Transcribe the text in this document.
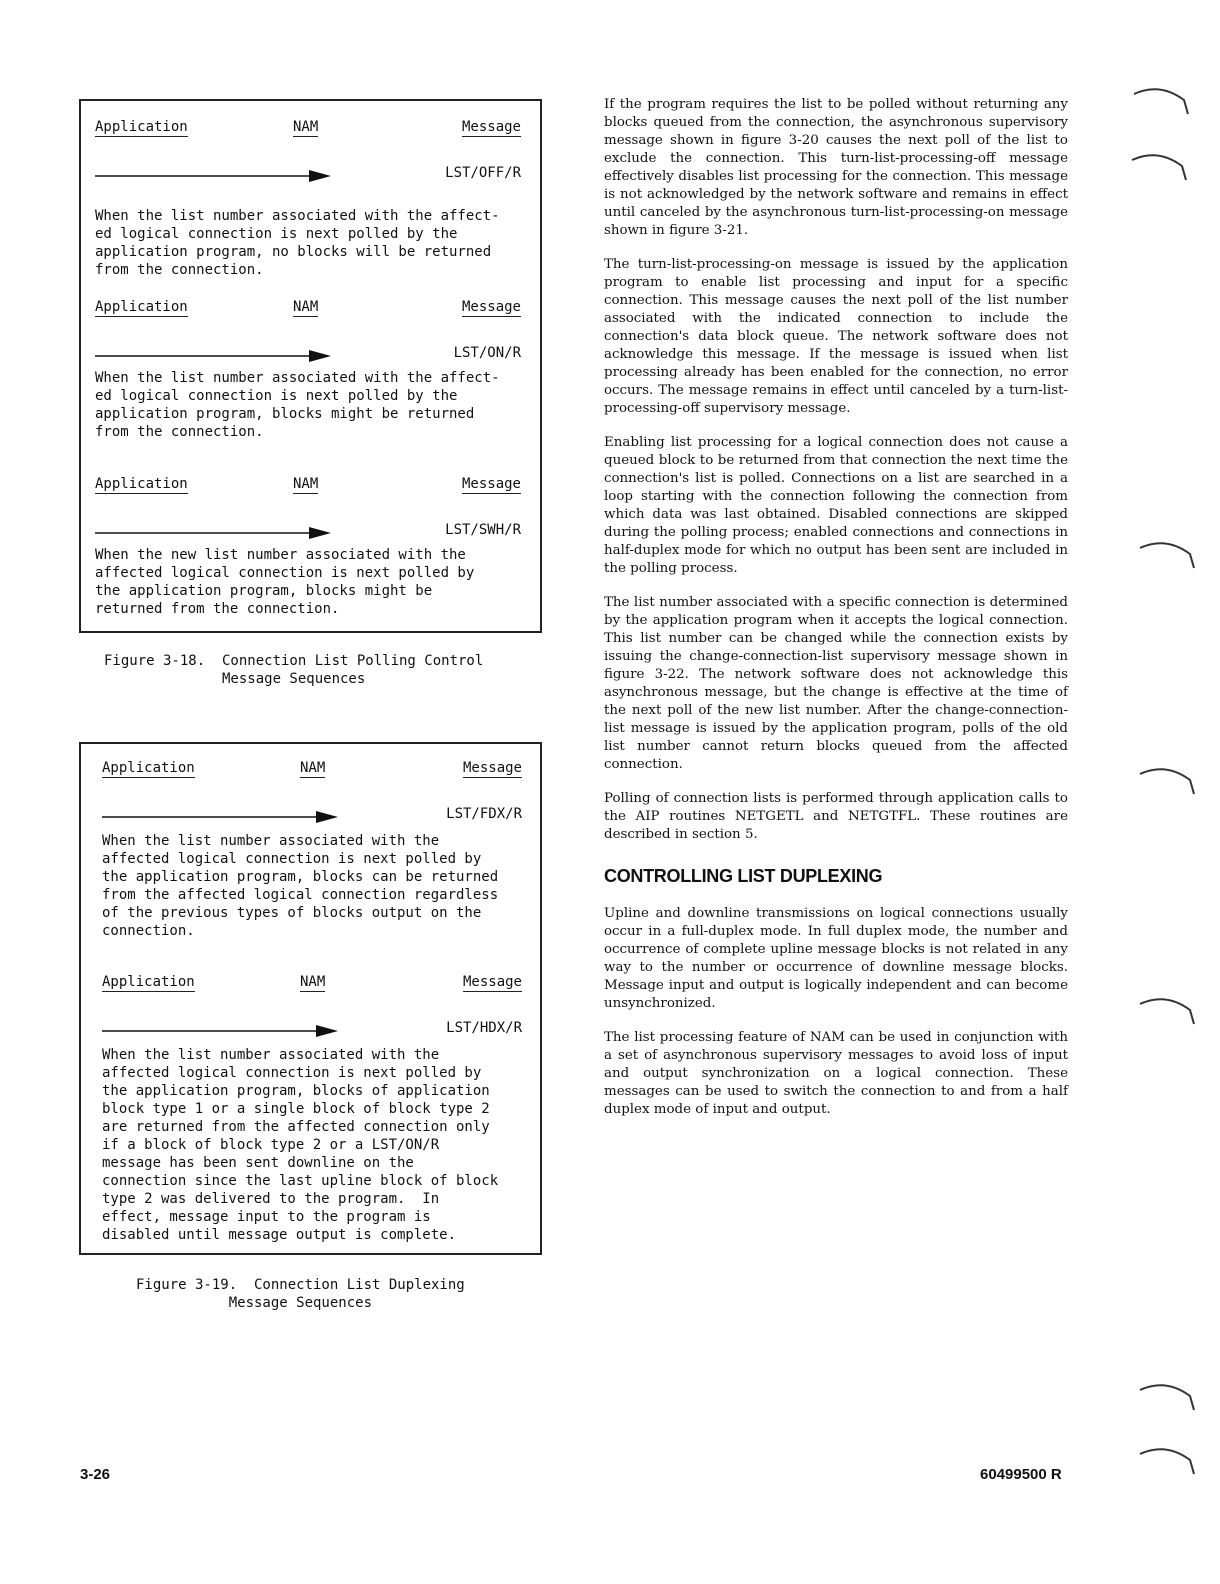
Application	NAM	Message
LST/OFF/R
When the list number associated with the affect-
ed logical connection is next polled by the
application program, no blocks will be returned
from the connection.
Application	NAM	Message
LST/ON/R
When the list number associated with the affect-
ed logical connection is next polled by the
application program, blocks might be returned
from the connection.
Application	NAM	Message
LST/SWH/R
When the new list number associated with the
affected logical connection is next polled by
the application program, blocks might be
returned from the connection.
Figure 3-18.  Connection List Polling Control
Message Sequences
Application	NAM	Message
LST/FDX/R
When the list number associated with the
affected logical connection is next polled by
the application program, blocks can be returned
from the affected logical connection regardless
of the previous types of blocks output on the
connection.
Application	NAM	Message
LST/HDX/R
When the list number associated with the
affected logical connection is next polled by
the application program, blocks of application
block type 1 or a single block of block type 2
are returned from the affected connection only
if a block of block type 2 or a LST/ON/R
message has been sent downline on the
connection since the last upline block of block
type 2 was delivered to the program.  In
effect, message input to the program is
disabled until message output is complete.
Figure 3-19.  Connection List Duplexing
Message Sequences

If the program requires the list to be polled without returning any blocks queued from the connection, the asynchronous supervisory message shown in figure 3-20 causes the next poll of the list to exclude the connection. This turn-list-processing-off message effectively disables list processing for the connection. This message is not acknowledged by the network software and remains in effect until canceled by the asynchronous turn-list-processing-on message shown in figure 3-21.

The turn-list-processing-on message is issued by the application program to enable list processing and input for a specific connection. This message causes the next poll of the list number associated with the indicated connection to include the connection's data block queue. The network software does not acknowledge this message. If the message is issued when list processing already has been enabled for the connection, no error occurs. The message remains in effect until canceled by a turn-list-processing-off supervisory message.

Enabling list processing for a logical connection does not cause a queued block to be returned from that connection the next time the connection's list is polled. Connections on a list are searched in a loop starting with the connection following the connection from which data was last obtained. Disabled connections are skipped during the polling process; enabled connections and connections in half-duplex mode for which no output has been sent are included in the polling process.

The list number associated with a specific connection is determined by the application program when it accepts the logical connection. This list number can be changed while the connection exists by issuing the change-connection-list supervisory message shown in figure 3-22. The network software does not acknowledge this asynchronous message, but the change is effective at the time of the next poll of the new list number. After the change-connection-list message is issued by the application program, polls of the old list number cannot return blocks queued from the affected connection.

Polling of connection lists is performed through application calls to the AIP routines NETGETL and NETGTFL. These routines are described in section 5.

CONTROLLING LIST DUPLEXING

Upline and downline transmissions on logical connections usually occur in a full-duplex mode. In full duplex mode, the number and occurrence of complete upline message blocks is not related in any way to the number or occurrence of downline message blocks. Message input and output is logically independent and can become unsynchronized.

The list processing feature of NAM can be used in conjunction with a set of asynchronous supervisory messages to avoid loss of input and output synchronization on a logical connection. These messages can be used to switch the connection to and from a half duplex mode of input and output.

3-26	60499500 R
